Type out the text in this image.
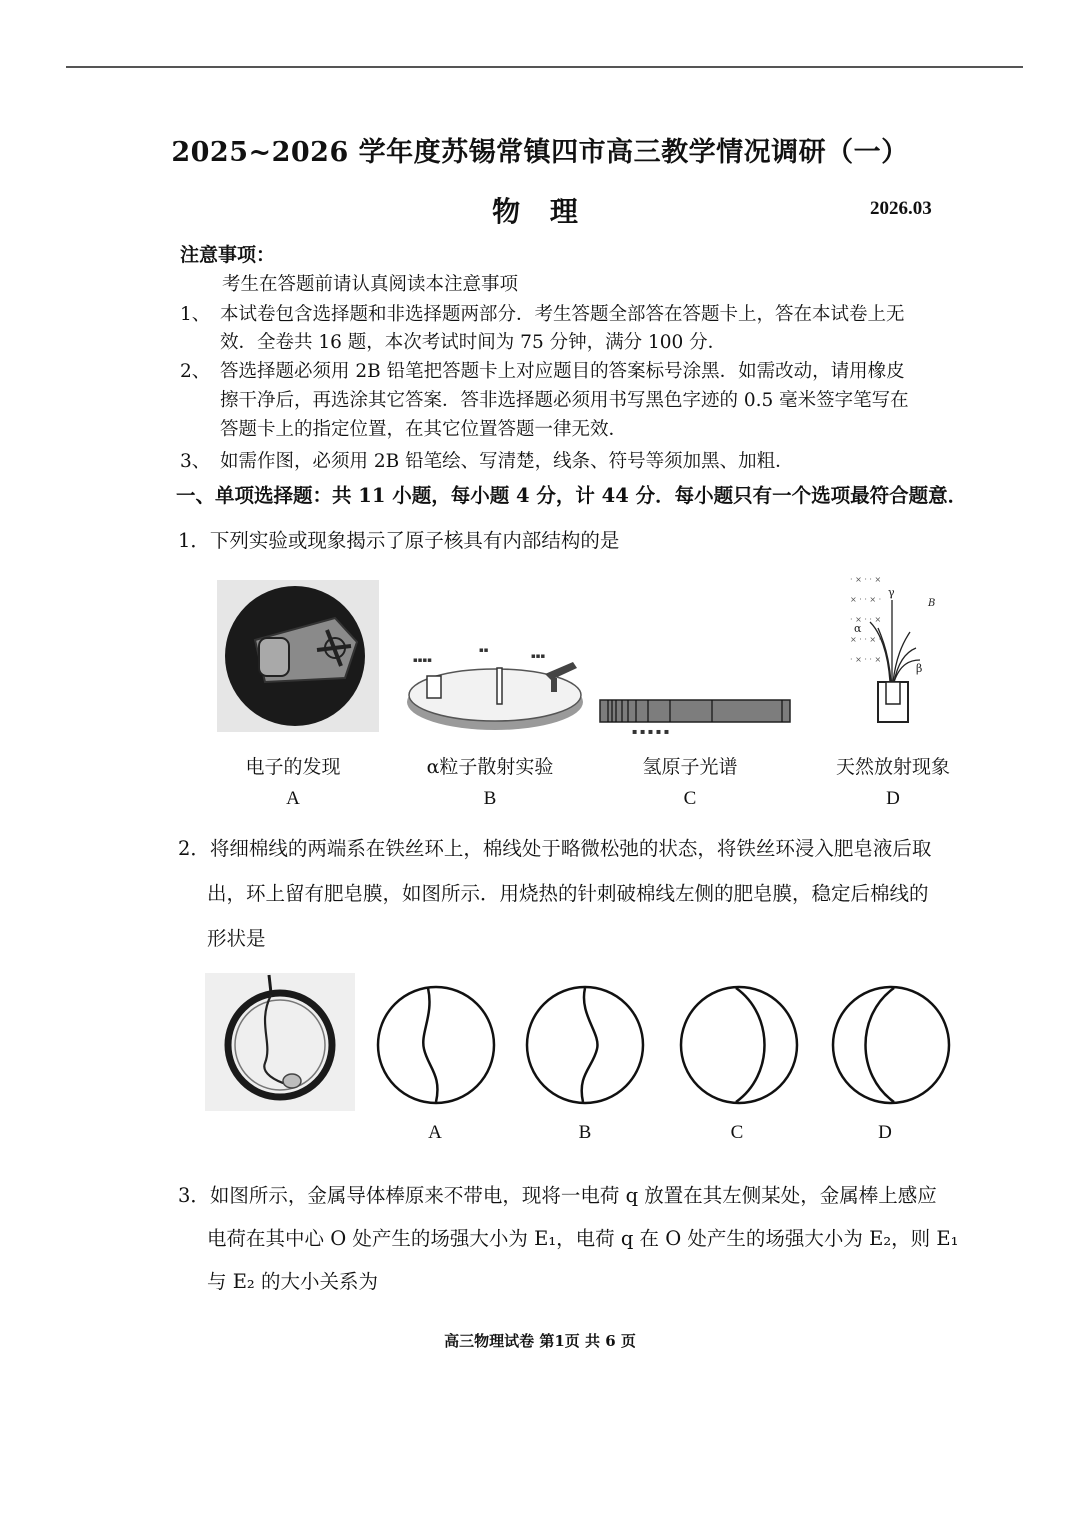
2025~2026 学年度苏锡常镇四市高三教学情况调研（一）
物 理	2026.03
注意事项：
考生在答题前请认真阅读本注意事项
1、 本试卷包含选择题和非选择题两部分．考生答题全部答在答题卡上，答在本试卷上无
效．全卷共 16 题，本次考试时间为 75 分钟，满分 100 分．
2、 答选择题必须用 2B 铅笔把答题卡上对应题目的答案标号涂黑．如需改动，请用橡皮
擦干净后，再选涂其它答案．答非选择题必须用书写黑色字迹的 0.5 毫米签字笔写在
答题卡上的指定位置，在其它位置答题一律无效．
3、 如需作图，必须用 2B 铅笔绘、写清楚，线条、符号等须加黑、加粗．
一、单项选择题：共 11 小题，每小题 4 分，计 44 分．每小题只有一个选项最符合题意．
1．下列实验或现象揭示了原子核具有内部结构的是
▪▪▪▪
▪▪
▪▪▪
▪ ▪ ▪ ▪ ▪
· × · · ×
× · · × ·
· × · · ×
× · · × ·
· × · · ×
B
γ
α
β
电子的发现	α粒子散射实验	氢原子光谱	天然放射现象
A	B	C	D
2．将细棉线的两端系在铁丝环上，棉线处于略微松弛的状态，将铁丝环浸入肥皂液后取
出，环上留有肥皂膜，如图所示．用烧热的针刺破棉线左侧的肥皂膜，稳定后棉线的
形状是
A	B	C	D
3．如图所示，金属导体棒原来不带电，现将一电荷 q 放置在其左侧某处，金属棒上感应
电荷在其中心 O 处产生的场强大小为 E₁，电荷 q 在 O 处产生的场强大小为 E₂，则 E₁
与 E₂ 的大小关系为
高三物理试卷 第1页 共 6 页
